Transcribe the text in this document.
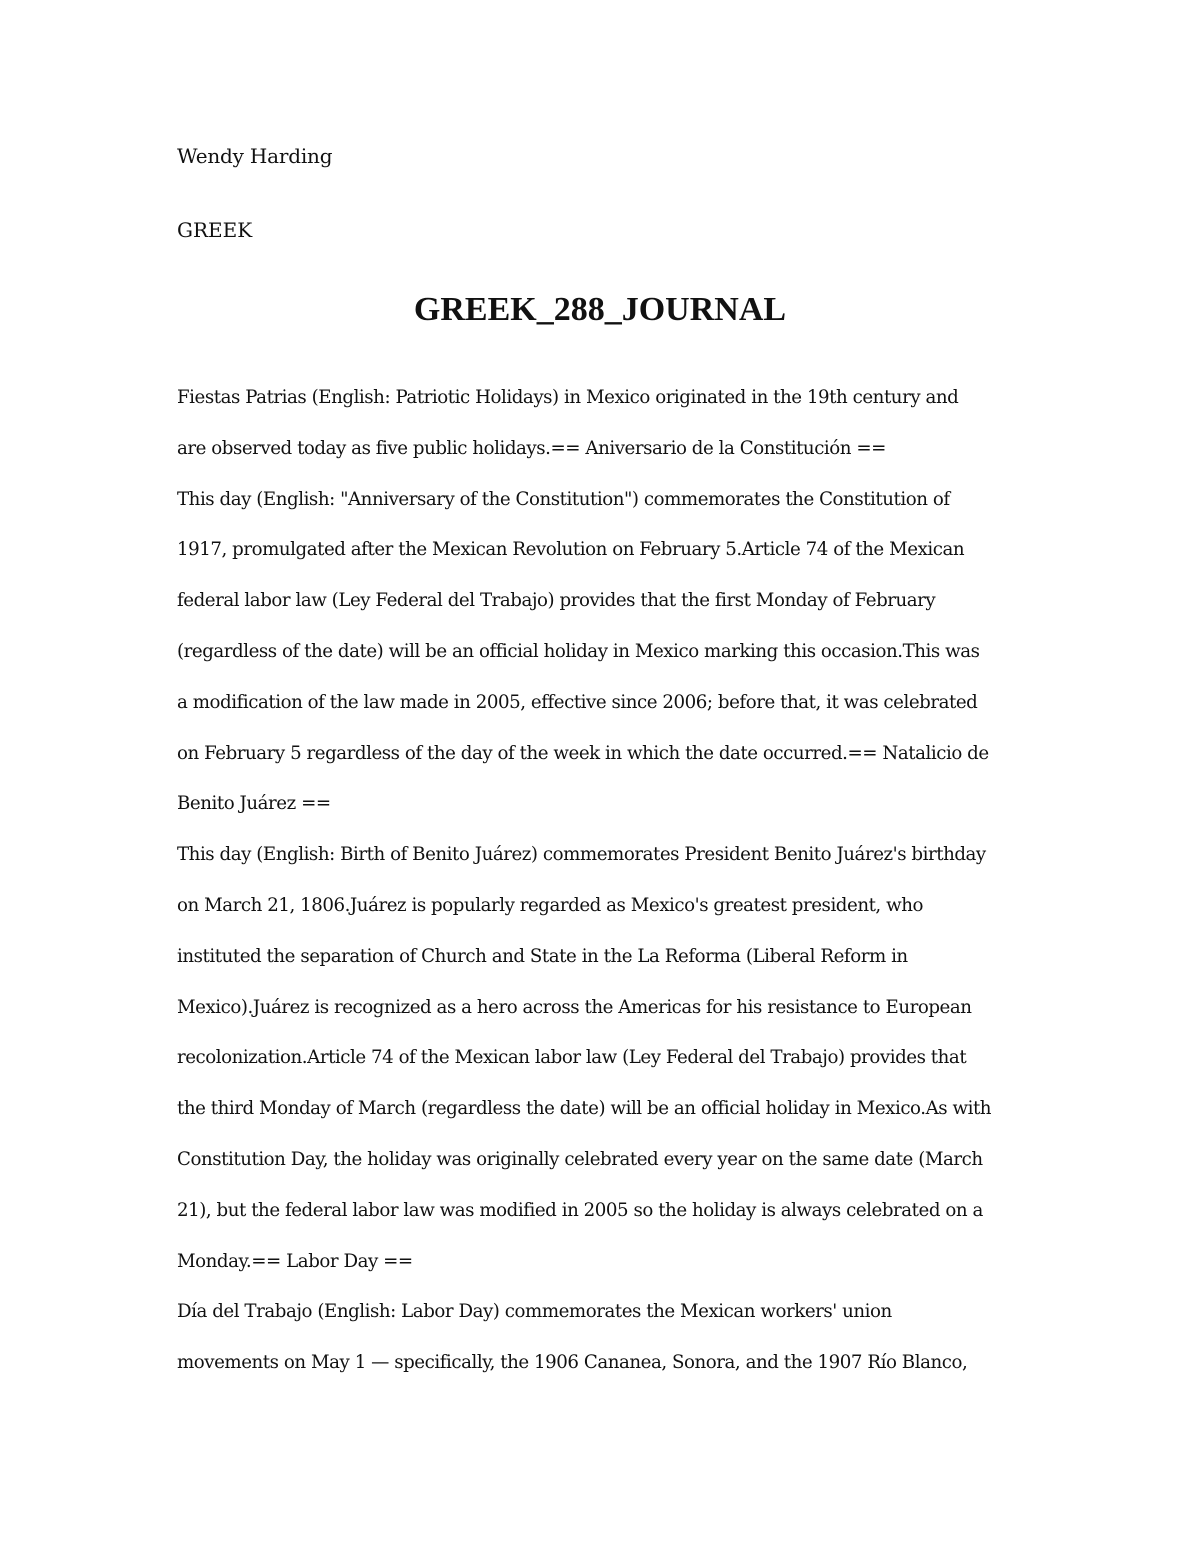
Wendy Harding
GREEK
GREEK_288_JOURNAL
Fiestas Patrias (English: Patriotic Holidays) in Mexico originated in the 19th century and
are observed today as five public holidays.== Aniversario de la Constitución ==
This day (English: "Anniversary of the Constitution") commemorates the Constitution of
1917, promulgated after the Mexican Revolution on February 5.Article 74 of the Mexican
federal labor law (Ley Federal del Trabajo) provides that the first Monday of February
(regardless of the date) will be an official holiday in Mexico marking this occasion.This was
a modification of the law made in 2005, effective since 2006; before that, it was celebrated
on February 5 regardless of the day of the week in which the date occurred.== Natalicio de
Benito Juárez ==
This day (English: Birth of Benito Juárez) commemorates President Benito Juárez's birthday
on March 21, 1806.Juárez is popularly regarded as Mexico's greatest president, who
instituted the separation of Church and State in the La Reforma (Liberal Reform in
Mexico).Juárez is recognized as a hero across the Americas for his resistance to European
recolonization.Article 74 of the Mexican labor law (Ley Federal del Trabajo) provides that
the third Monday of March (regardless the date) will be an official holiday in Mexico.As with
Constitution Day, the holiday was originally celebrated every year on the same date (March
21), but the federal labor law was modified in 2005 so the holiday is always celebrated on a
Monday.== Labor Day ==
Día del Trabajo (English: Labor Day) commemorates the Mexican workers' union
movements on May 1 — specifically, the 1906 Cananea, Sonora, and the 1907 Río Blanco,
